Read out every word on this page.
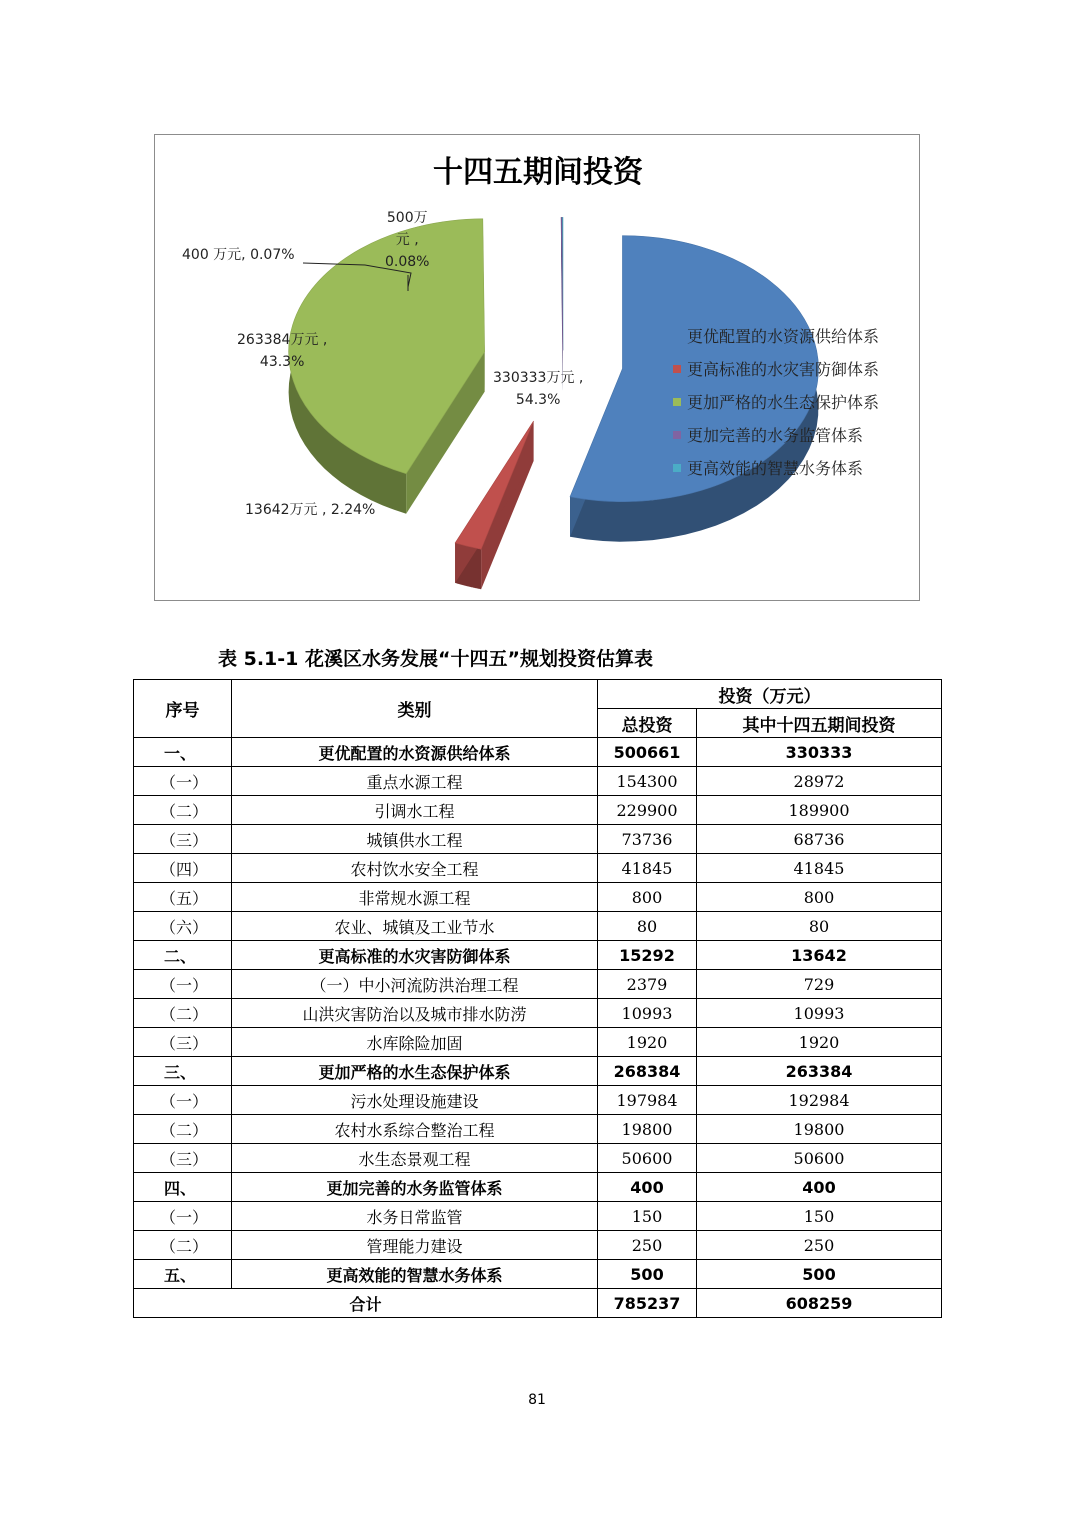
十四五期间投资
330333万元 ,
54.3%
13642万元 , 2.24%
263384万元 ,
43.3%
400 万元, 0.07%
500万
元 ,
0.08%
更优配置的水资源供给体系
更高标准的水灾害防御体系
更加严格的水生态保护体系
更加完善的水务监管体系
更高效能的智慧水务体系
表 5.1-1 花溪区水务发展“十四五”规划投资估算表
序号	类别	投资（万元）	
		总投资	其中十四五期间投资
一、	更优配置的水资源供给体系	500661	330333
（一）	重点水源工程	154300	28972
（二）	引调水工程	229900	189900
（三）	城镇供水工程	73736	68736
（四）	农村饮水安全工程	41845	41845
（五）	非常规水源工程	800	800
（六）	农业、城镇及工业节水	80	80
二、	更高标准的水灾害防御体系	15292	13642
（一）	（一）中小河流防洪治理工程	2379	729
（二）	山洪灾害防治以及城市排水防涝	10993	10993
（三）	水库除险加固	1920	1920
三、	更加严格的水生态保护体系	268384	263384
（一）	污水处理设施建设	197984	192984
（二）	农村水系综合整治工程	19800	19800
（三）	水生态景观工程	50600	50600
四、	更加完善的水务监管体系	400	400
（一）	水务日常监管	150	150
（二）	管理能力建设	250	250
五、	更高效能的智慧水务体系	500	500
合计		785237	608259
81
